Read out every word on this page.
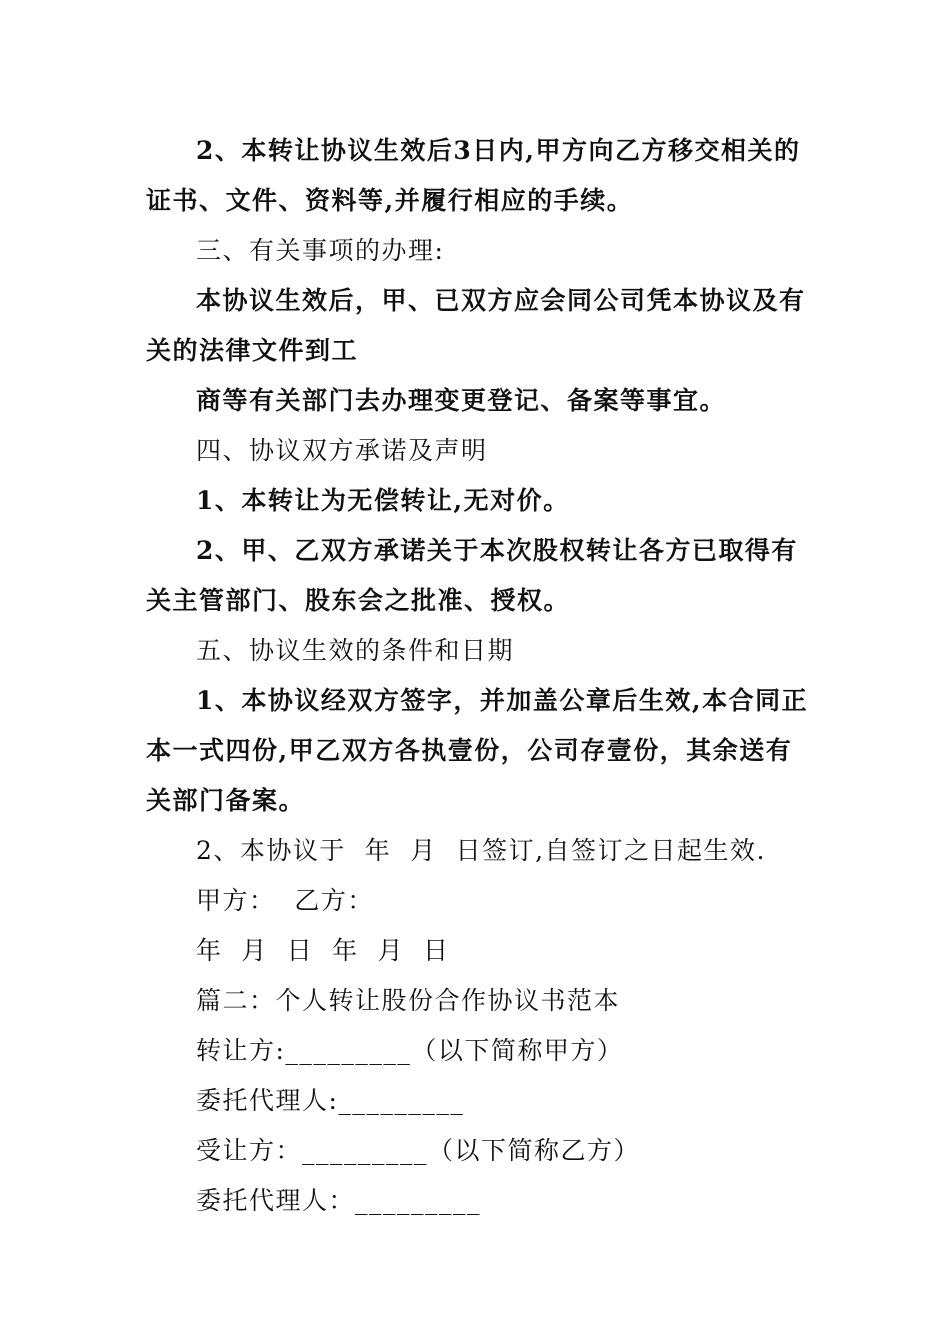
2、本转让协议生效后3日内,甲方向乙方移交相关的证书、文件、资料等,并履行相应的手续。

三、有关事项的办理:

本协议生效后，甲、已双方应会同公司凭本协议及有关的法律文件到工

商等有关部门去办理变更登记、备案等事宜。

四、协议双方承诺及声明

1、本转让为无偿转让,无对价。

2、甲、乙双方承诺关于本次股权转让各方已取得有关主管部门、股东会之批准、授权。

五、协议生效的条件和日期

1、本协议经双方签字，并加盖公章后生效,本合同正本一式四份,甲乙双方各执壹份，公司存壹份，其余送有关部门备案。

2、本协议于  年  月  日签订,自签订之日起生效.

甲方：  乙方：

年  月  日  年  月  日

篇二：个人转让股份合作协议书范本

转让方:_________（以下简称甲方）

委托代理人:_________

受让方：_________（以下简称乙方）

委托代理人：_________
